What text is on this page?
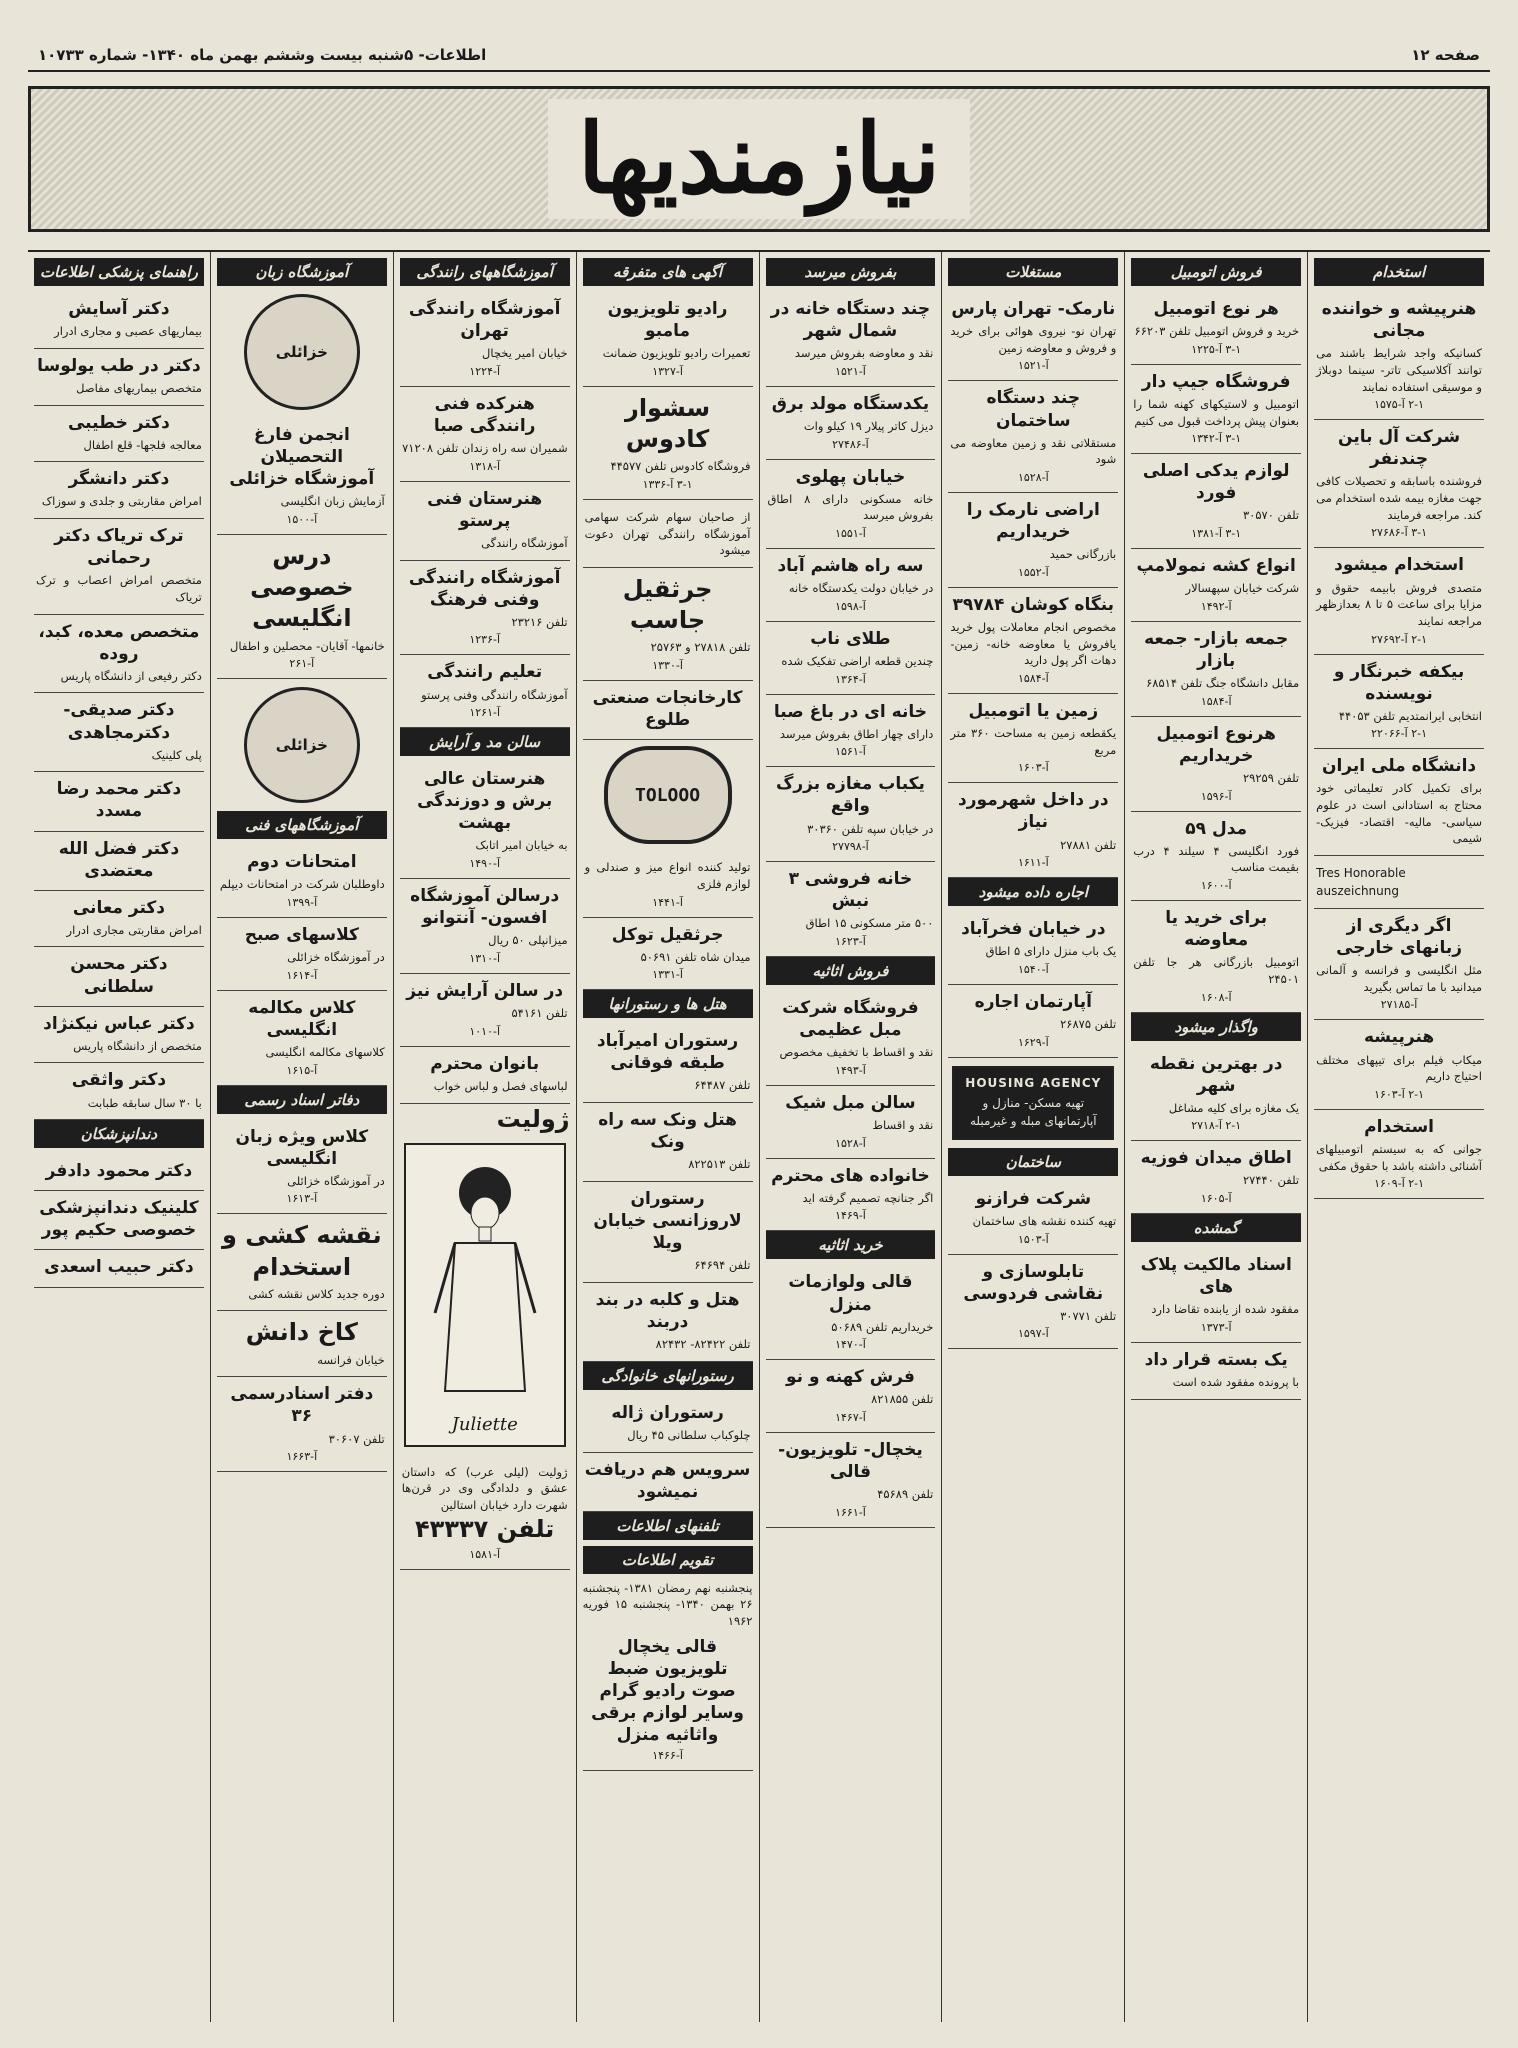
صفحه ۱۲
اطلاعات- ۵شنبه بیست وششم بهمن ماه ۱۳۴۰- شماره ۱۰۷۳۳
نیازمندیها
استخدام
هنرپیشه و خواننده مجانی
کسانیکه واجد شرایط باشند می توانند آکلاسیکی تاتر- سینما دوبلاژ و موسیقی استفاده نمایند
۲-۱ آ-۱۵۷۵
شرکت آل باین چندنفر
فروشنده باسابقه و تحصیلات کافی جهت مغازه بیمه شده استخدام می کند. مراجعه فرمایند
۳-۱ آ-۲۷۶۸۶
استخدام میشود
متصدی فروش بابیمه حقوق و مزایا برای ساعت ۵ تا ۸ بعدازظهر مراجعه نمایند
۲-۱ آ-۲۷۶۹۲
بیکفه خبرنگار و نویسنده
انتخابی ایرانمتدیم تلفن ۴۴۰۵۳
۲-۱ آ-۲۲۰۶۶
دانشگاه ملی ایران
برای تکمیل کادر تعلیماتی خود محتاج به استادانی است در علوم سیاسی- مالیه- اقتصاد- فیزیک- شیمی
Tres Honorable auszeichnung
اگر دیگری از زبانهای خارجی
مثل انگلیسی و فرانسه و آلمانی میدانید با ما تماس بگیرید
آ-۲۷۱۸۵
هنرپیشه
میکاب فیلم برای تیپهای مختلف احتیاج داریم
۲-۱ آ-۱۶۰۳
استخدام
جوانی که به سیستم اتومبیلهای آشنائی داشته باشد با حقوق مکفی
۲-۱ آ-۱۶۰۹
فروش اتومبیل
هر نوع اتومبیل
خرید و فروش اتومبیل تلفن ۶۶۲۰۳
۳-۱ آ-۱۲۲۵
فروشگاه جیپ دار
اتومبیل و لاستیکهای کهنه شما را بعنوان پیش پرداخت قبول می کنیم
۳-۱ آ-۱۳۴۲
لوازم یدکی اصلی فورد
تلفن ۳۰۵۷۰
۳-۱ آ-۱۳۸۱
انواع کشه نمولامپ
شرکت خیابان سپهسالار
آ-۱۴۹۲
جمعه بازار- جمعه بازار
مقابل دانشگاه جنگ تلفن ۶۸۵۱۴
آ-۱۵۸۴
هرنوع اتومبیل خریداریم
تلفن ۲۹۲۵۹
آ-۱۵۹۶
مدل ۵۹
فورد انگلیسی ۴ سیلند ۴ درب بقیمت مناسب
آ-۱۶۰۰
برای خرید یا معاوضه
اتومبیل بازرگانی هر جا تلفن ۲۴۵۰۱
آ-۱۶۰۸
واگذار میشود
در بهترین نقطه شهر
یک مغازه برای کلیه مشاغل
۲-۱ آ-۲۷۱۸
اطاق میدان فوزیه
تلفن ۲۷۴۴۰
آ-۱۶۰۵
گمشده
اسناد مالکیت پلاک های
مفقود شده از یابنده تقاضا دارد
آ-۱۳۷۳
یک بسته قرار داد
با پرونده مفقود شده است
مستغلات
نارمک- تهران پارس
تهران نو- نیروی هوائی برای خرید و فروش و معاوضه زمین
آ-۱۵۲۱
چند دستگاه ساختمان
مستقلاتی نقد و زمین معاوضه می شود
آ-۱۵۲۸
اراضی نارمک را خریداریم
بازرگانی حمید
آ-۱۵۵۲
بنگاه کوشان ۳۹۷۸۴
مخصوص انجام معاملات پول خرید یافروش یا معاوضه خانه- زمین- دهات اگر پول دارید
آ-۱۵۸۴
زمین یا اتومبیل
یکقطعه زمین به مساحت ۳۶۰ متر مربع
آ-۱۶۰۳
در داخل شهرمورد نیاز
تلفن ۲۷۸۸۱
آ-۱۶۱۱
اجاره داده میشود
در خیابان فخرآباد
یک باب منزل دارای ۵ اطاق
آ-۱۵۴۰
آپارتمان اجاره
تلفن ۲۶۸۷۵
آ-۱۶۲۹
HOUSING AGENCY
تهیه مسکن- منازل و آپارتمانهای مبله و غیرمبله
ساختمان
شرکت فرازنو
تهیه کننده نقشه های ساختمان
آ-۱۵۰۳
تابلوسازی و نقاشی فردوسی
تلفن ۳۰۷۷۱
آ-۱۵۹۷
بفروش میرسد
چند دستگاه خانه در شمال شهر
نقد و معاوضه بفروش میرسد
آ-۱۵۲۱
یکدستگاه مولد برق
دیزل کاتر پیلار ۱۹ کیلو وات
آ-۲۷۴۸۶
خیابان پهلوی
خانه مسکونی دارای ۸ اطاق بفروش میرسد
آ-۱۵۵۱
سه راه هاشم آباد
در خیابان دولت یکدستگاه خانه
آ-۱۵۹۸
طلای ناب
چندین قطعه اراضی تفکیک شده
آ-۱۳۶۴
خانه ای در باغ صبا
دارای چهار اطاق بفروش میرسد
آ-۱۵۶۱
یکباب مغازه بزرگ واقع
در خیابان سپه تلفن ۳۰۳۶۰
آ-۲۷۷۹۸
خانه فروشی ۳ نبش
۵۰۰ متر مسکونی ۱۵ اطاق
آ-۱۶۲۳
فروش اثاثیه
فروشگاه شرکت مبل عظیمی
نقد و اقساط با تخفیف مخصوص
آ-۱۴۹۳
سالن مبل شیک
نقد و اقساط
آ-۱۵۲۸
خانواده های محترم
اگر جنانچه تصمیم گرفته اید
آ-۱۴۶۹
خرید اثاثیه
قالی ولوازمات منزل
خریداریم تلفن ۵۰۶۸۹
آ-۱۴۷۰
فرش کهنه و نو
تلفن ۸۲۱۸۵۵
آ-۱۴۶۷
یخچال- تلویزیون- قالی
تلفن ۴۵۶۸۹
آ-۱۶۶۱
آگهی های متفرقه
رادیو تلویزیون مامبو
تعمیرات رادیو تلویزیون ضمانت
آ-۱۳۲۷
سشوار کادوس
فروشگاه کادوس تلفن ۴۴۵۷۷
۳-۱ آ-۱۳۳۶
از صاحبان سهام شرکت سهامی آموزشگاه رانندگی تهران دعوت میشود
جرثقیل جاسب
تلفن ۲۷۸۱۸ و ۲۵۷۶۳
آ-۱۳۳۰
کارخانجات صنعتی طلوع
TOLOOO
تولید کننده انواع میز و صندلی و لوازم فلزی
آ-۱۴۴۱
جرثقیل توکل
میدان شاه تلفن ۵۰۶۹۱
آ-۱۳۳۱
هتل ها و رستورانها
رستوران امیرآباد طبقه فوقانی
تلفن ۶۴۴۸۷
هتل ونک سه راه ونک
تلفن ۸۲۲۵۱۳
رستوران لاروزانسی خیابان ویلا
تلفن ۶۴۶۹۴
هتل و کلبه در بند دربند
تلفن ۸۲۴۲۲- ۸۲۴۳۲
رستورانهای خانوادگی
رستوران ژاله
چلوکباب سلطانی ۴۵ ریال
سرویس هم دریافت نمیشود
تلفنهای اطلاعات
تقویم اطلاعات
پنجشنبه نهم رمضان ۱۳۸۱- پنجشنبه ۲۶ بهمن ۱۳۴۰- پنجشنبه ۱۵ فوریه ۱۹۶۲
قالی یخچال تلویزیون ضبط صوت رادیو گرام وسایر لوازم برقی واثاثیه منزل
آ-۱۴۶۶
آموزشگاههای رانندگی
آموزشگاه رانندگی تهران
خیابان امیر یخچال
آ-۱۲۲۴
هنرکده فنی رانندگی صبا
شمیران سه راه زندان تلفن ۷۱۲۰۸
آ-۱۳۱۸
هنرستان فنی پرستو
آموزشگاه رانندگی
آموزشگاه رانندگی وفنی فرهنگ
تلفن ۲۳۲۱۶
آ-۱۲۳۶
تعلیم رانندگی
آموزشگاه رانندگی وفنی پرستو
آ-۱۲۶۱
سالن مد و آرایش
هنرستان عالی برش و دوزندگی بهشت
به خیابان امیر اتابک
آ-۱۴۹۰
درسالن آموزشگاه افسون- آنتوانو
میزانپلی ۵۰ ریال
آ-۱۳۱۰
در سالن آرایش نیز
تلفن ۵۴۱۶۱
آ-۱۰۱۰
بانوان محترم
لباسهای فصل و لباس خواب
ژولیت
Juliette
ژولیت (لیلی عرب) که داستان عشق و دلدادگی وی در قرن‌ها شهرت دارد خیابان استالین
تلفن ۴۳۳۳۷
آ-۱۵۸۱
آموزشگاه زبان
خزائلی
انجمن فارغ التحصیلان آموزشگاه خزائلی
آزمایش زبان انگلیسی
آ-۱۵۰۰
درس خصوصی انگلیسی
خانمها- آقایان- محصلین و اطفال
آ-۲۶۱
خزائلی
آموزشگاههای فنی
امتحانات دوم
داوطلبان شرکت در امتحانات دیپلم
آ-۱۳۹۹
کلاسهای صبح
در آموزشگاه خزائلی
آ-۱۶۱۴
کلاس مکالمه انگلیسی
کلاسهای مکالمه انگلیسی
آ-۱۶۱۵
دفاتر اسناد رسمی
کلاس ویژه زبان انگلیسی
در آموزشگاه خزائلی
آ-۱۶۱۳
نقشه کشی و استخدام
دوره جدید کلاس نقشه کشی
کاخ دانش
خیابان فرانسه
دفتر اسنادرسمی ۳۶
تلفن ۳۰۶۰۷
آ-۱۶۶۳
راهنمای پزشکی اطلاعات
دکتر آسایش
بیماریهای عصبی و مجاری ادرار
دکتر در طب یولوسا
متخصص بیماریهای مفاصل
دکتر خطیبی
معالجه فلجها- قلع اطفال
دکتر دانشگر
امراض مقاربتی و جلدی و سوزاک
ترک تریاک دکتر رحمانی
متخصص امراض اعصاب و ترک تریاک
متخصص معده، کبد، روده
دکتر رفیعی از دانشگاه پاریس
دکتر صدیقی- دکترمجاهدی
پلی کلینیک
دکتر محمد رضا مسدد
دکتر فضل الله معتضدی
دکتر معانی
امراض مقاربتی مجاری ادرار
دکتر محسن سلطانی
دکتر عباس نیکنژاد
متخصص از دانشگاه پاریس
دکتر واثقی
با ۳۰ سال سابقه طبابت
دندانپزشکان
دکتر محمود دادفر
کلینیک دندانپزشکی خصوصی حکیم پور
دکتر حبیب اسعدی
